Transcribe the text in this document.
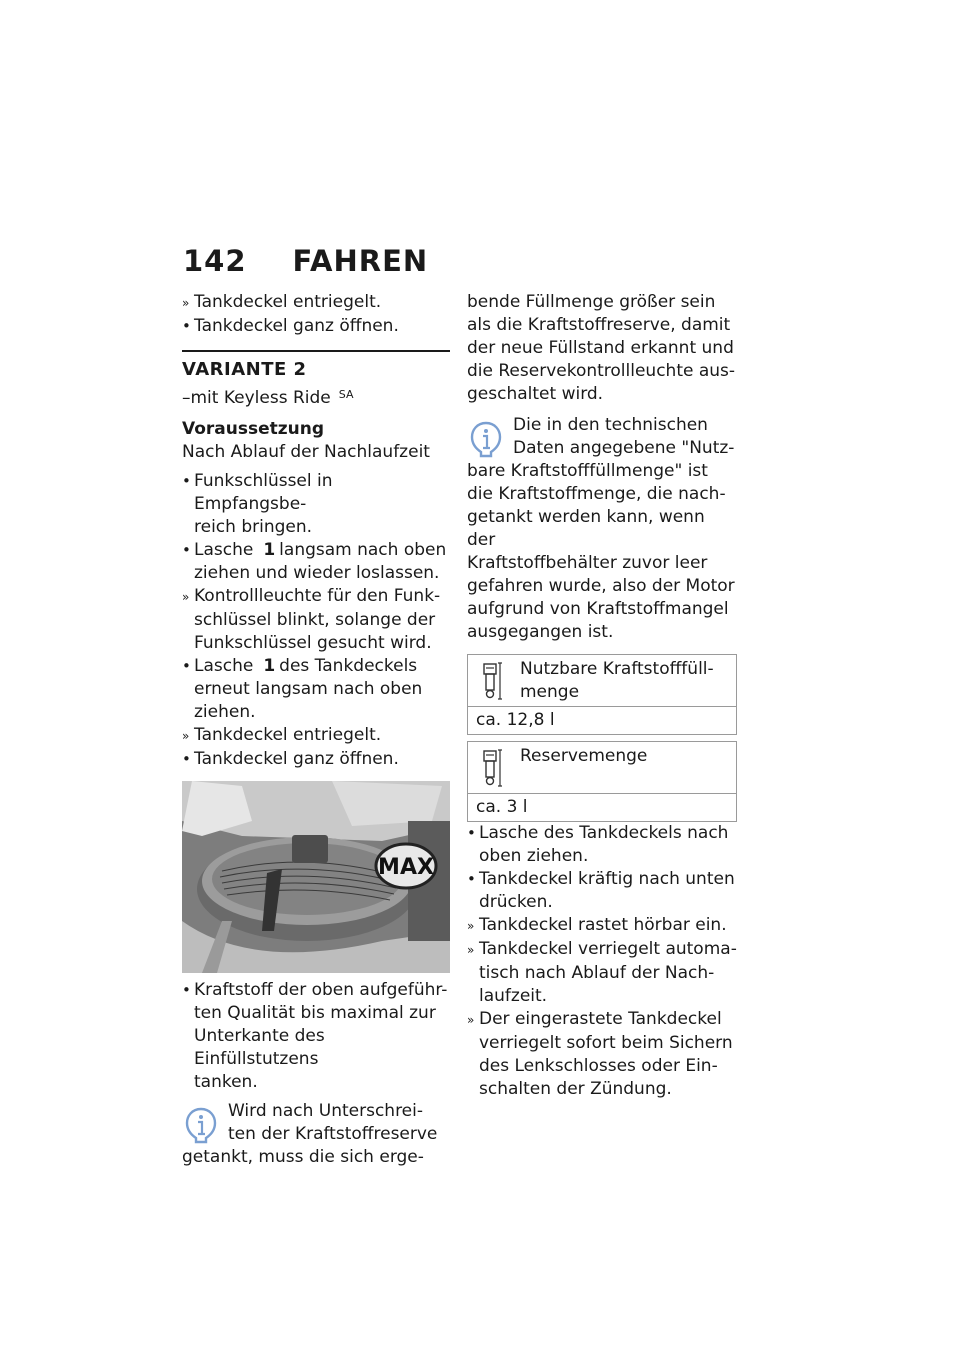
142 FAHREN
» Tankdeckel entriegelt.
• Tankdeckel ganz öffnen.
VARIANTE 2
–mit Keyless Ride $^{SA}$
Voraussetzung
Nach Ablauf der Nachlaufzeit
• Funkschlüssel in Empfangsbe-
reich bringen.
• Lasche 1 langsam nach oben
ziehen und wieder loslassen.
» Kontrollleuchte für den Funk-
schlüssel blinkt, solange der
Funkschlüssel gesucht wird.
• Lasche 1 des Tankdeckels
erneut langsam nach oben
ziehen.
» Tankdeckel entriegelt.
• Tankdeckel ganz öffnen.
MAX
• Kraftstoff der oben aufgeführ-
ten Qualität bis maximal zur
Unterkante des Einfüllstutzens
tanken.
Wird nach Unterschrei-
ten der Kraftstoffreserve
getankt, muss die sich erge-
bende Füllmenge größer sein
als die Kraftstoffreserve, damit
der neue Füllstand erkannt und
die Reservekontrollleuchte aus-
geschaltet wird.
Die in den technischen
Daten angegebene "Nutz-
bare Kraftstofffüllmenge" ist
die Kraftstoffmenge, die nach-
getankt werden kann, wenn der
Kraftstoffbehälter zuvor leer
gefahren wurde, also der Motor
aufgrund von Kraftstoffmangel
ausgegangen ist.
Nutzbare Kraftstofffüll-
menge
ca. 12,8 l
Reservemenge
ca. 3 l
• Lasche des Tankdeckels nach
oben ziehen.
• Tankdeckel kräftig nach unten
drücken.
» Tankdeckel rastet hörbar ein.
» Tankdeckel verriegelt automa-
tisch nach Ablauf der Nach-
laufzeit.
» Der eingerastete Tankdeckel
verriegelt sofort beim Sichern
des Lenkschlosses oder Ein-
schalten der Zündung.
